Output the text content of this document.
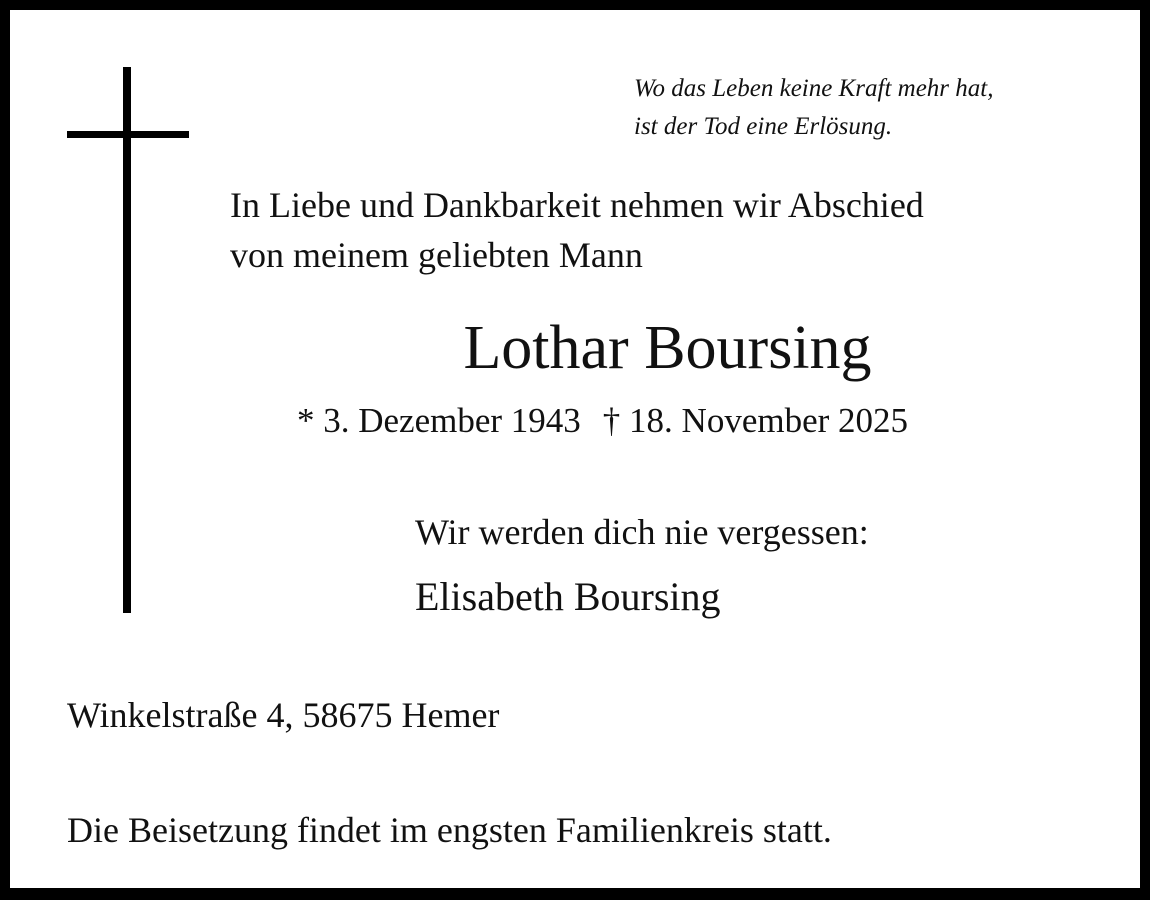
Wo das Leben keine Kraft mehr hat,
ist der Tod eine Erlösung.
In Liebe und Dankbarkeit nehmen wir Abschied
von meinem geliebten Mann
Lothar Boursing
* 3. Dezember 1943 † 18. November 2025
Wir werden dich nie vergessen:
Elisabeth Boursing
Winkelstraße 4, 58675 Hemer
Die Beisetzung findet im engsten Familienkreis statt.
